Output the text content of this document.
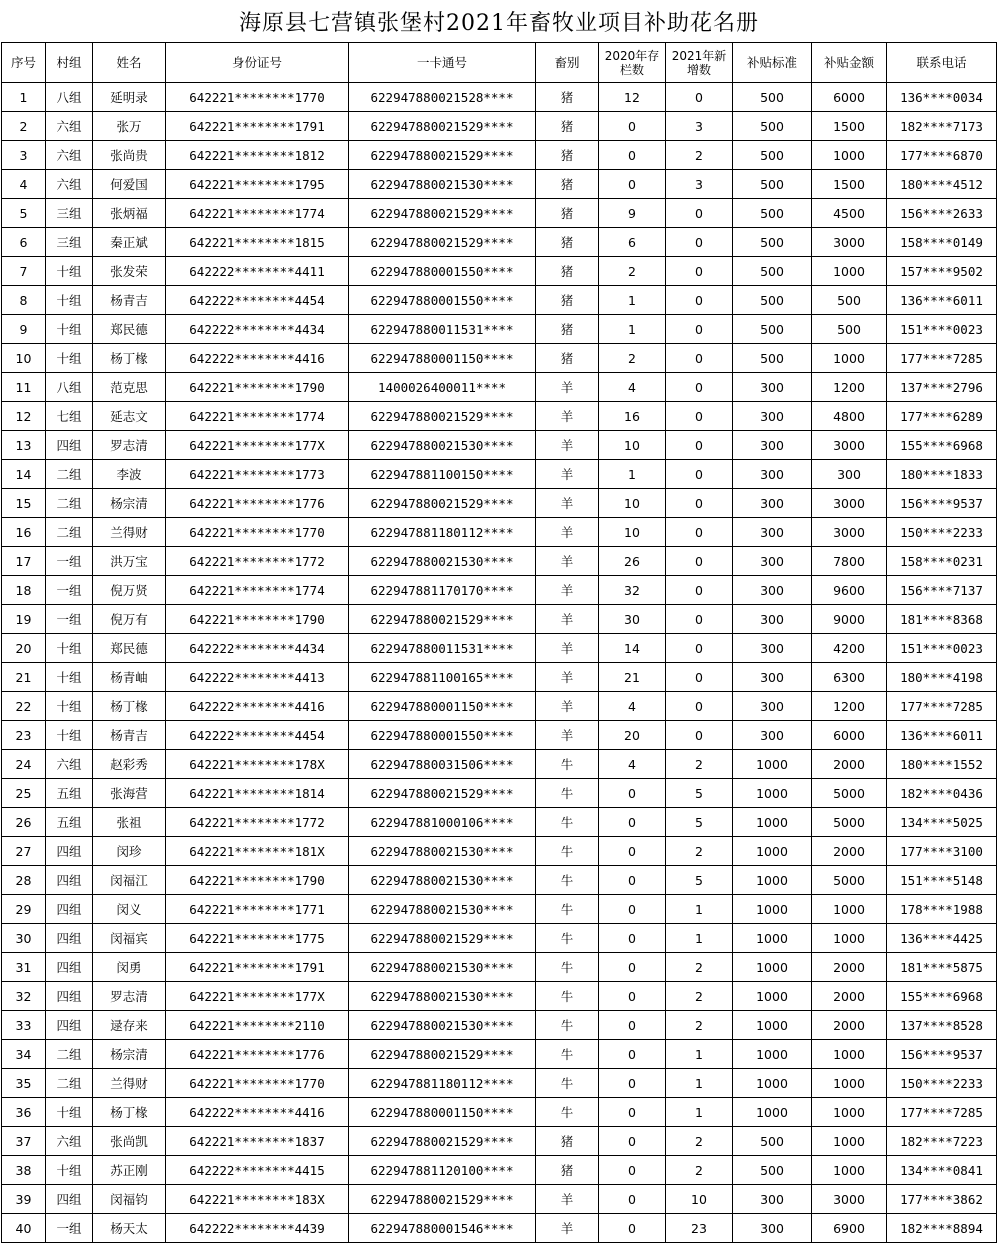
海原县七营镇张堡村2021年畜牧业项目补助花名册
序号	村组	姓名	身份证号	一卡通号	畜别	2020年存栏数	2021年新增数	补贴标准	补贴金额	联系电话
1	八组	延明录	642221********1770	622947880021528****	猪	12	0	500	6000	136****0034
2	六组	张万	642221********1791	622947880021529****	猪	0	3	500	1500	182****7173
3	六组	张尚贵	642221********1812	622947880021529****	猪	0	2	500	1000	177****6870
4	六组	何爱国	642221********1795	622947880021530****	猪	0	3	500	1500	180****4512
5	三组	张炳福	642221********1774	622947880021529****	猪	9	0	500	4500	156****2633
6	三组	秦正斌	642221********1815	622947880021529****	猪	6	0	500	3000	158****0149
7	十组	张发荣	642222********4411	622947880001550****	猪	2	0	500	1000	157****9502
8	十组	杨青吉	642222********4454	622947880001550****	猪	1	0	500	500	136****6011
9	十组	郑民德	642222********4434	622947880011531****	猪	1	0	500	500	151****0023
10	十组	杨丁椽	642222********4416	622947880001150****	猪	2	0	500	1000	177****7285
11	八组	范克思	642221********1790	1400026400011****	羊	4	0	300	1200	137****2796
12	七组	延志文	642221********1774	622947880021529****	羊	16	0	300	4800	177****6289
13	四组	罗志清	642221********177X	622947880021530****	羊	10	0	300	3000	155****6968
14	二组	李波	642221********1773	622947881100150****	羊	1	0	300	300	180****1833
15	二组	杨宗清	642221********1776	622947880021529****	羊	10	0	300	3000	156****9537
16	二组	兰得财	642221********1770	622947881180112****	羊	10	0	300	3000	150****2233
17	一组	洪万宝	642221********1772	622947880021530****	羊	26	0	300	7800	158****0231
18	一组	倪万贤	642221********1774	622947881170170****	羊	32	0	300	9600	156****7137
19	一组	倪万有	642221********1790	622947880021529****	羊	30	0	300	9000	181****8368
20	十组	郑民德	642222********4434	622947880011531****	羊	14	0	300	4200	151****0023
21	十组	杨青岫	642222********4413	622947881100165****	羊	21	0	300	6300	180****4198
22	十组	杨丁椽	642222********4416	622947880001150****	羊	4	0	300	1200	177****7285
23	十组	杨青吉	642222********4454	622947880001550****	羊	20	0	300	6000	136****6011
24	六组	赵彩秀	642221********178X	622947880031506****	牛	4	2	1000	2000	180****1552
25	五组	张海营	642221********1814	622947880021529****	牛	0	5	1000	5000	182****0436
26	五组	张祖	642221********1772	622947881000106****	牛	0	5	1000	5000	134****5025
27	四组	闵珍	642221********181X	622947880021530****	牛	0	2	1000	2000	177****3100
28	四组	闵福江	642221********1790	622947880021530****	牛	0	5	1000	5000	151****5148
29	四组	闵义	642221********1771	622947880021530****	牛	0	1	1000	1000	178****1988
30	四组	闵福宾	642221********1775	622947880021529****	牛	0	1	1000	1000	136****4425
31	四组	闵勇	642221********1791	622947880021530****	牛	0	2	1000	2000	181****5875
32	四组	罗志清	642221********177X	622947880021530****	牛	0	2	1000	2000	155****6968
33	四组	逯存来	642221********2110	622947880021530****	牛	0	2	1000	2000	137****8528
34	二组	杨宗清	642221********1776	622947880021529****	牛	0	1	1000	1000	156****9537
35	二组	兰得财	642221********1770	622947881180112****	牛	0	1	1000	1000	150****2233
36	十组	杨丁椽	642222********4416	622947880001150****	牛	0	1	1000	1000	177****7285
37	六组	张尚凯	642221********1837	622947880021529****	猪	0	2	500	1000	182****7223
38	十组	苏正刚	642222********4415	622947881120100****	猪	0	2	500	1000	134****0841
39	四组	闵福钧	642221********183X	622947880021529****	羊	0	10	300	3000	177****3862
40	一组	杨天太	642222********4439	622947880001546****	羊	0	23	300	6900	182****8894
